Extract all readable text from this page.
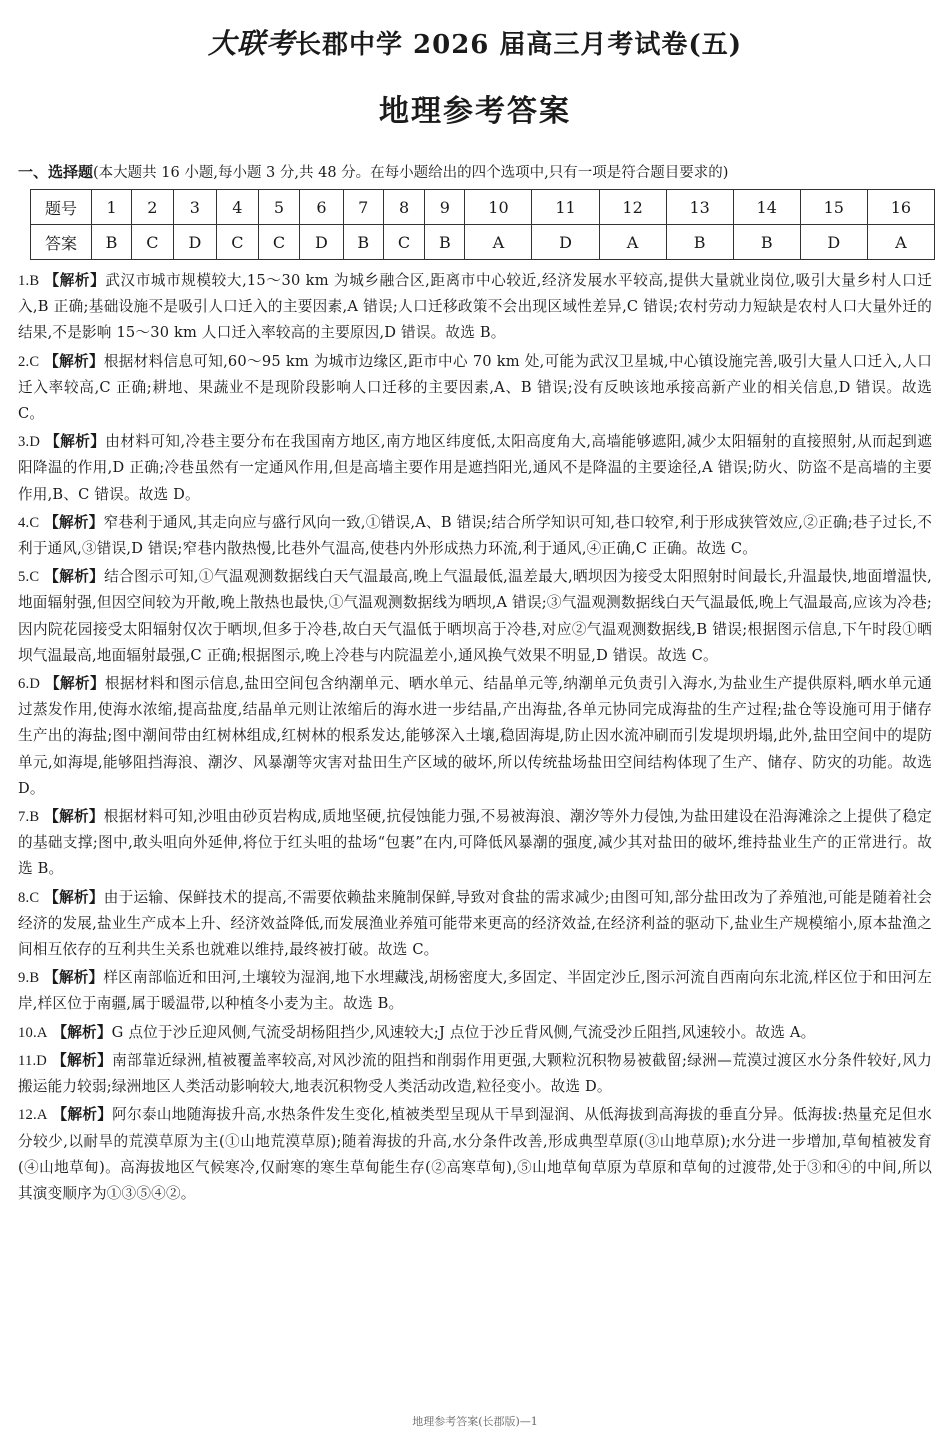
大联考长郡中学 2026 届高三月考试卷(五)
地理参考答案
一、选择题(本大题共 16 小题,每小题 3 分,共 48 分。在每小题给出的四个选项中,只有一项是符合题目要求的)
题号	1	2	3	4	5	6	7	8	9	10	11	12	13	14	15	16
答案	B	C	D	C	C	D	B	C	B	A	D	A	B	B	D	A

1.B 【解析】武汉市城市规模较大,15～30 km 为城乡融合区,距离市中心较近,经济发展水平较高,提供大量就业岗位,吸引大量乡村人口迁入,B 正确;基础设施不是吸引人口迁入的主要因素,A 错误;人口迁移政策不会出现区域性差异,C 错误;农村劳动力短缺是农村人口大量外迁的结果,不是影响 15～30 km 人口迁入率较高的主要原因,D 错误。故选 B。

2.C 【解析】根据材料信息可知,60～95 km 为城市边缘区,距市中心 70 km 处,可能为武汉卫星城,中心镇设施完善,吸引大量人口迁入,人口迁入率较高,C 正确;耕地、果蔬业不是现阶段影响人口迁移的主要因素,A、B 错误;没有反映该地承接高新产业的相关信息,D 错误。故选 C。

3.D 【解析】由材料可知,冷巷主要分布在我国南方地区,南方地区纬度低,太阳高度角大,高墙能够遮阳,减少太阳辐射的直接照射,从而起到遮阳降温的作用,D 正确;冷巷虽然有一定通风作用,但是高墙主要作用是遮挡阳光,通风不是降温的主要途径,A 错误;防火、防盗不是高墙的主要作用,B、C 错误。故选 D。

4.C 【解析】窄巷利于通风,其走向应与盛行风向一致,①错误,A、B 错误;结合所学知识可知,巷口较窄,利于形成狭管效应,②正确;巷子过长,不利于通风,③错误,D 错误;窄巷内散热慢,比巷外气温高,使巷内外形成热力环流,利于通风,④正确,C 正确。故选 C。

5.C 【解析】结合图示可知,①气温观测数据线白天气温最高,晚上气温最低,温差最大,晒坝因为接受太阳照射时间最长,升温最快,地面增温快,地面辐射强,但因空间较为开敞,晚上散热也最快,①气温观测数据线为晒坝,A 错误;③气温观测数据线白天气温最低,晚上气温最高,应该为冷巷;因内院花园接受太阳辐射仅次于晒坝,但多于冷巷,故白天气温低于晒坝高于冷巷,对应②气温观测数据线,B 错误;根据图示信息,下午时段①晒坝气温最高,地面辐射最强,C 正确;根据图示,晚上冷巷与内院温差小,通风换气效果不明显,D 错误。故选 C。

6.D 【解析】根据材料和图示信息,盐田空间包含纳潮单元、晒水单元、结晶单元等,纳潮单元负责引入海水,为盐业生产提供原料,晒水单元通过蒸发作用,使海水浓缩,提高盐度,结晶单元则让浓缩后的海水进一步结晶,产出海盐,各单元协同完成海盐的生产过程;盐仓等设施可用于储存生产出的海盐;图中潮间带由红树林组成,红树林的根系发达,能够深入土壤,稳固海堤,防止因水流冲刷而引发堤坝坍塌,此外,盐田空间中的堤防单元,如海堤,能够阻挡海浪、潮汐、风暴潮等灾害对盐田生产区域的破坏,所以传统盐场盐田空间结构体现了生产、储存、防灾的功能。故选 D。

7.B 【解析】根据材料可知,沙咀由砂页岩构成,质地坚硬,抗侵蚀能力强,不易被海浪、潮汐等外力侵蚀,为盐田建设在沿海滩涂之上提供了稳定的基础支撑;图中,敢头咀向外延伸,将位于红头咀的盐场“包裹”在内,可降低风暴潮的强度,减少其对盐田的破坏,维持盐业生产的正常进行。故选 B。

8.C 【解析】由于运输、保鲜技术的提高,不需要依赖盐来腌制保鲜,导致对食盐的需求减少;由图可知,部分盐田改为了养殖池,可能是随着社会经济的发展,盐业生产成本上升、经济效益降低,而发展渔业养殖可能带来更高的经济效益,在经济利益的驱动下,盐业生产规模缩小,原本盐渔之间相互依存的互利共生关系也就难以维持,最终被打破。故选 C。

9.B 【解析】样区南部临近和田河,土壤较为湿润,地下水埋藏浅,胡杨密度大,多固定、半固定沙丘,图示河流自西南向东北流,样区位于和田河左岸,样区位于南疆,属于暖温带,以种植冬小麦为主。故选 B。

10.A 【解析】G 点位于沙丘迎风侧,气流受胡杨阻挡少,风速较大;J 点位于沙丘背风侧,气流受沙丘阻挡,风速较小。故选 A。

11.D 【解析】南部靠近绿洲,植被覆盖率较高,对风沙流的阻挡和削弱作用更强,大颗粒沉积物易被截留;绿洲—荒漠过渡区水分条件较好,风力搬运能力较弱;绿洲地区人类活动影响较大,地表沉积物受人类活动改造,粒径变小。故选 D。

12.A 【解析】阿尔泰山地随海拔升高,水热条件发生变化,植被类型呈现从干旱到湿润、从低海拔到高海拔的垂直分异。低海拔:热量充足但水分较少,以耐旱的荒漠草原为主(①山地荒漠草原);随着海拔的升高,水分条件改善,形成典型草原(③山地草原);水分进一步增加,草甸植被发育(④山地草甸)。高海拔地区气候寒冷,仅耐寒的寒生草甸能生存(②高寒草甸),⑤山地草甸草原为草原和草甸的过渡带,处于③和④的中间,所以其演变顺序为①③⑤④②。

地理参考答案(长郡版)—1
